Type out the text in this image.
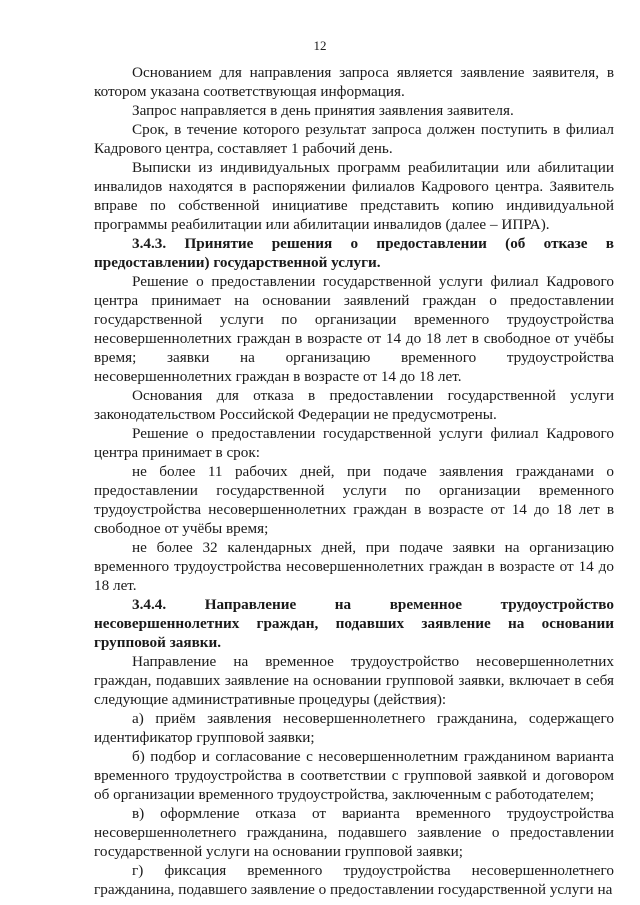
12

Основанием для направления запроса является заявление заявителя, в котором указана соответствующая информация.

Запрос направляется в день принятия заявления заявителя.

Срок, в течение которого результат запроса должен поступить в филиал Кадрового центра, составляет 1 рабочий день.

Выписки из индивидуальных программ реабилитации или абилитации инвалидов находятся в распоряжении филиалов Кадрового центра. Заявитель вправе по собственной инициативе представить копию индивидуальной программы реабилитации или абилитации инвалидов (далее – ИПРА).

3.4.3. Принятие решения о предоставлении (об отказе в предоставлении) государственной услуги.

Решение о предоставлении государственной услуги филиал Кадрового центра принимает на основании заявлений граждан о предоставлении государственной услуги по организации временного трудоустройства несовершеннолетних граждан в возрасте от 14 до 18 лет в свободное от учёбы время; заявки на организацию временного трудоустройства несовершеннолетних граждан в возрасте от 14 до 18 лет.

Основания для отказа в предоставлении государственной услуги законодательством Российской Федерации не предусмотрены.

Решение о предоставлении государственной услуги филиал Кадрового центра принимает в срок:

не более 11 рабочих дней, при подаче заявления гражданами о предоставлении государственной услуги по организации временного трудоустройства несовершеннолетних граждан в возрасте от 14 до 18 лет в свободное от учёбы время;

не более 32 календарных дней, при подаче заявки на организацию временного трудоустройства несовершеннолетних граждан в возрасте от 14 до 18 лет.

3.4.4. Направление на временное трудоустройство несовершеннолетних граждан, подавших заявление на основании групповой заявки.

Направление на временное трудоустройство несовершеннолетних граждан, подавших заявление на основании групповой заявки, включает в себя следующие административные процедуры (действия):

а) приём заявления несовершеннолетнего гражданина, содержащего идентификатор групповой заявки;

б) подбор и согласование с несовершеннолетним гражданином варианта временного трудоустройства в соответствии с групповой заявкой и договором об организации временного трудоустройства, заключенным с работодателем;

в) оформление отказа от варианта временного трудоустройства несовершеннолетнего гражданина, подавшего заявление о предоставлении государственной услуги на основании групповой заявки;

г) фиксация временного трудоустройства несовершеннолетнего гражданина, подавшего заявление о предоставлении государственной услуги на
